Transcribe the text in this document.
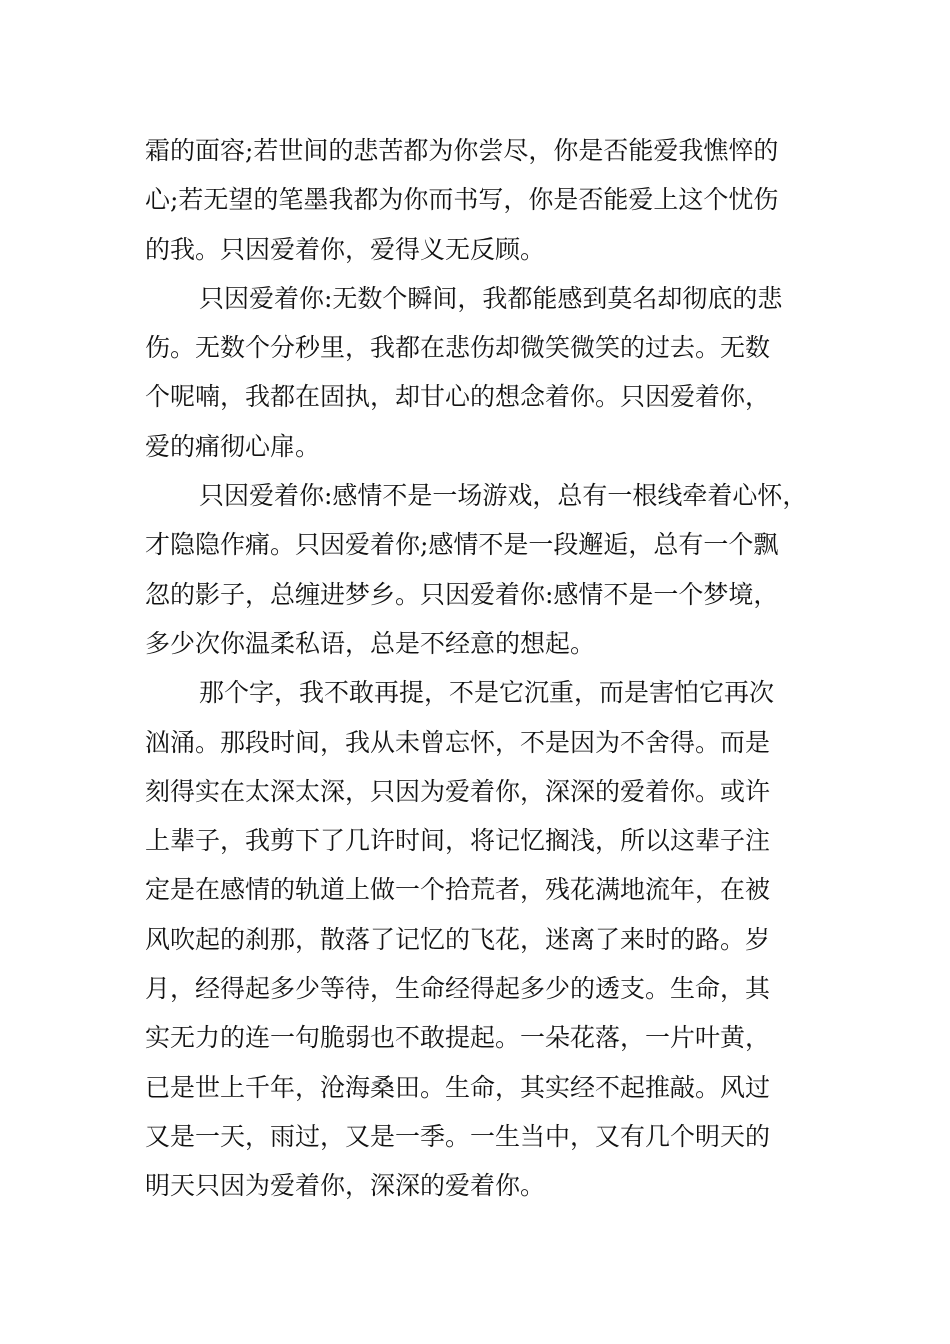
霜的面容;若世间的悲苦都为你尝尽，你是否能爱我憔悴的
心;若无望的笔墨我都为你而书写，你是否能爱上这个忧伤
的我。只因爱着你，爱得义无反顾。
只因爱着你:无数个瞬间，我都能感到莫名却彻底的悲
伤。无数个分秒里，我都在悲伤却微笑微笑的过去。无数
个呢喃，我都在固执，却甘心的想念着你。只因爱着你，
爱的痛彻心扉。
只因爱着你:感情不是一场游戏，总有一根线牵着心怀，
才隐隐作痛。只因爱着你;感情不是一段邂逅，总有一个飘
忽的影子，总缠进梦乡。只因爱着你:感情不是一个梦境，
多少次你温柔私语，总是不经意的想起。
那个字，我不敢再提，不是它沉重，而是害怕它再次
汹涌。那段时间，我从未曾忘怀，不是因为不舍得。而是
刻得实在太深太深，只因为爱着你，深深的爱着你。或许
上辈子，我剪下了几许时间，将记忆搁浅，所以这辈子注
定是在感情的轨道上做一个拾荒者，残花满地流年，在被
风吹起的刹那，散落了记忆的飞花，迷离了来时的路。岁
月，经得起多少等待，生命经得起多少的透支。生命，其
实无力的连一句脆弱也不敢提起。一朵花落，一片叶黄，
已是世上千年，沧海桑田。生命，其实经不起推敲。风过
又是一天，雨过，又是一季。一生当中，又有几个明天的
明天只因为爱着你，深深的爱着你。
